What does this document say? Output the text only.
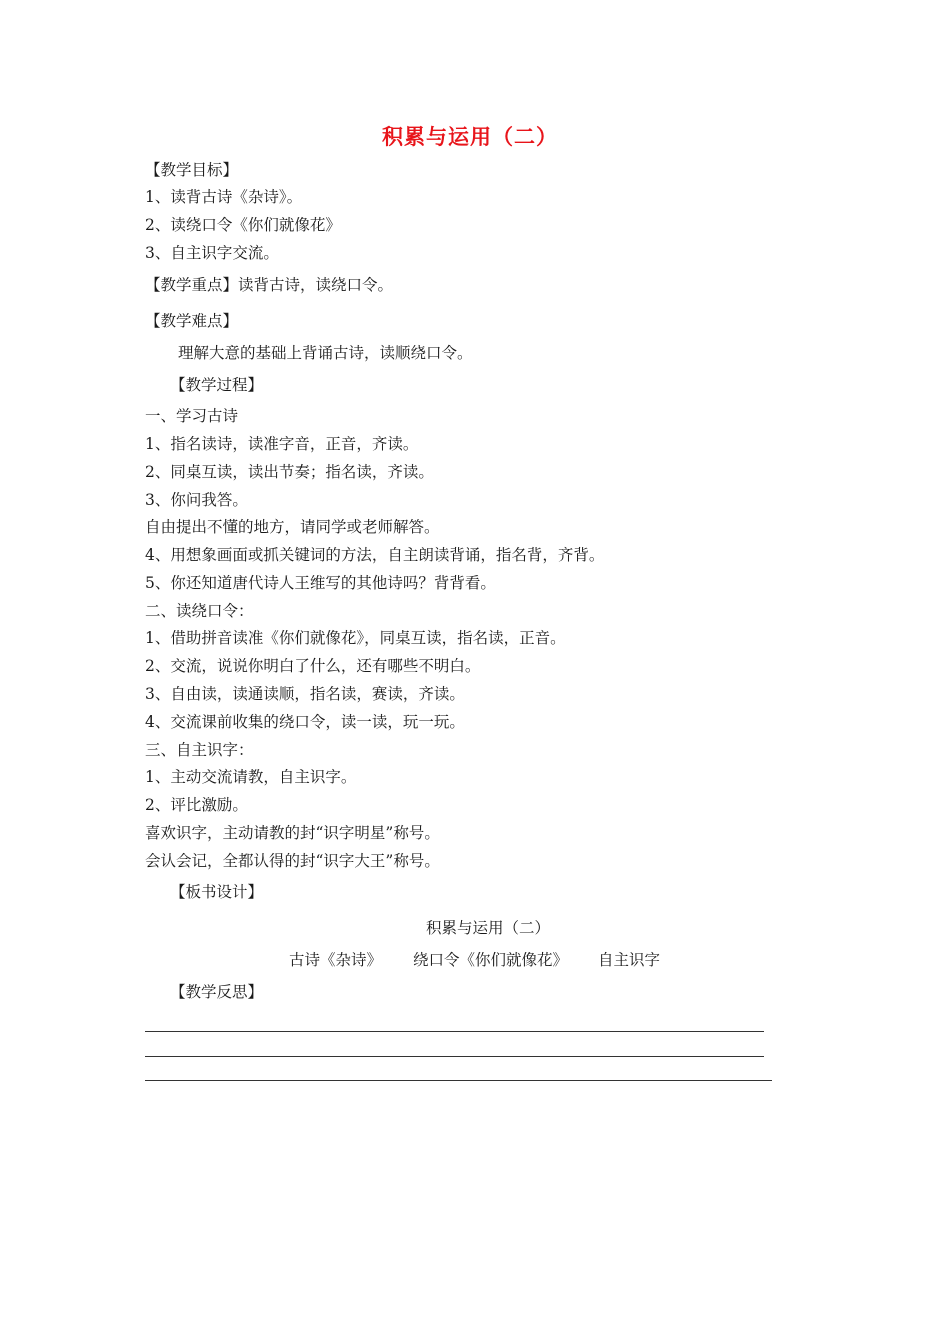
积累与运用（二）
【教学目标】
1、读背古诗《杂诗》。
2、读绕口令《你们就像花》
3、自主识字交流。
【教学重点】读背古诗，读绕口令。
【教学难点】
理解大意的基础上背诵古诗，读顺绕口令。
【教学过程】
一、学习古诗
1、指名读诗，读准字音，正音，齐读。
2、同桌互读，读出节奏；指名读，齐读。
3、你问我答。
自由提出不懂的地方，请同学或老师解答。
4、用想象画面或抓关键词的方法，自主朗读背诵，指名背，齐背。
5、你还知道唐代诗人王维写的其他诗吗？背背看。
二、读绕口令：
1、借助拼音读准《你们就像花》，同桌互读，指名读，正音。
2、交流，说说你明白了什么，还有哪些不明白。
3、自由读，读通读顺，指名读，赛读，齐读。
4、交流课前收集的绕口令，读一读，玩一玩。
三、自主识字：
1、主动交流请教，自主识字。
2、评比激励。
喜欢识字，主动请教的封“识字明星”称号。
会认会记，全都认得的封“识字大王”称号。
【板书设计】
积累与运用（二）
古诗《杂诗》 绕口令《你们就像花》 自主识字
【教学反思】
